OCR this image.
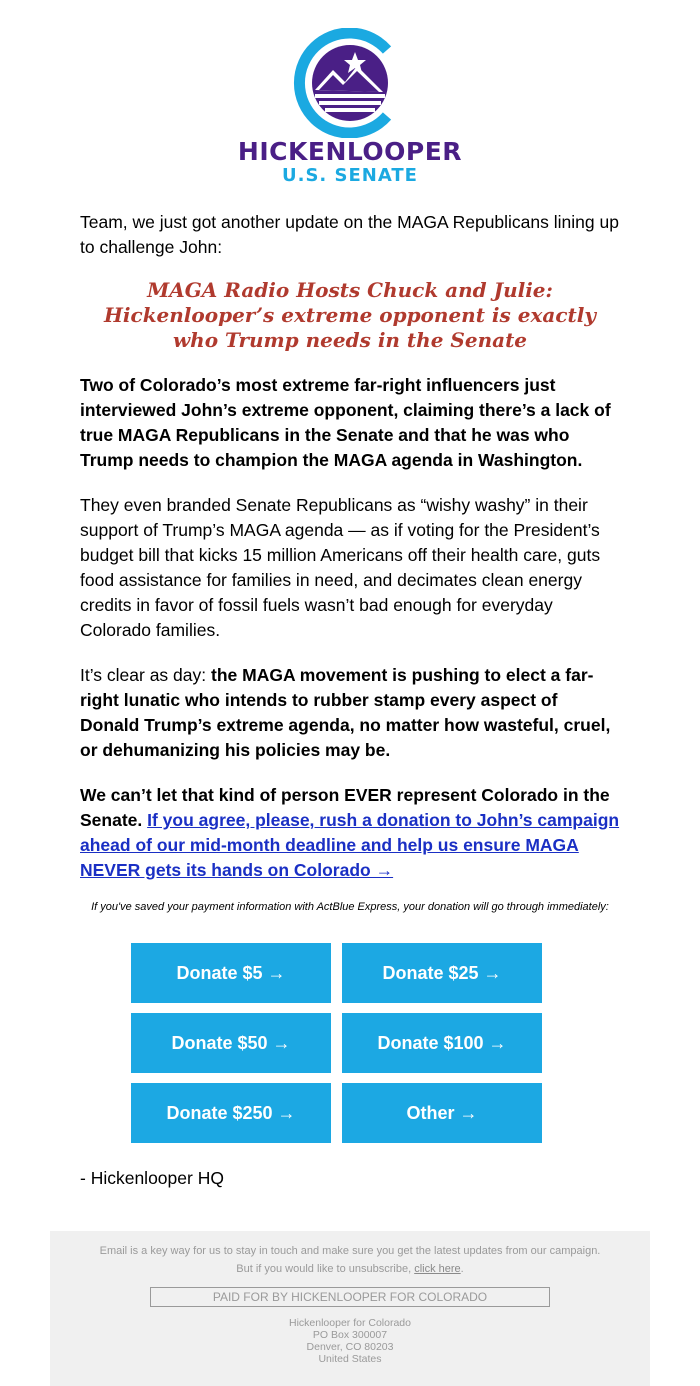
HICKENLOOPER
U.S. SENATE

Team, we just got another update on the MAGA Republicans lining up to challenge John:

MAGA Radio Hosts Chuck and Julie: Hickenlooper’s extreme opponent is exactly who Trump needs in the Senate

Two of Colorado’s most extreme far-right influencers just interviewed John’s extreme opponent, claiming there’s a lack of true MAGA Republicans in the Senate and that he was who Trump needs to champion the MAGA agenda in Washington.

They even branded Senate Republicans as “wishy washy” in their support of Trump’s MAGA agenda — as if voting for the President’s budget bill that kicks 15 million Americans off their health care, guts food assistance for families in need, and decimates clean energy credits in favor of fossil fuels wasn’t bad enough for everyday Colorado families.

It’s clear as day: the MAGA movement is pushing to elect a far-right lunatic who intends to rubber stamp every aspect of Donald Trump’s extreme agenda, no matter how wasteful, cruel, or dehumanizing his policies may be.

We can’t let that kind of person EVER represent Colorado in the Senate. If you agree, please, rush a donation to John’s campaign ahead of our mid-month deadline and help us ensure MAGA NEVER gets its hands on Colorado →

If you've saved your payment information with ActBlue Express, your donation will go through immediately:
Donate $5 →	Donate $25 →
Donate $50 →	Donate $100 →
Donate $250 →	Other →
- Hickenlooper HQ
Email is a key way for us to stay in touch and make sure you get the latest updates from our campaign.
But if you would like to unsubscribe, click here.
PAID FOR BY HICKENLOOPER FOR COLORADO
Hickenlooper for Colorado
PO Box 300007
Denver, CO 80203
United States
